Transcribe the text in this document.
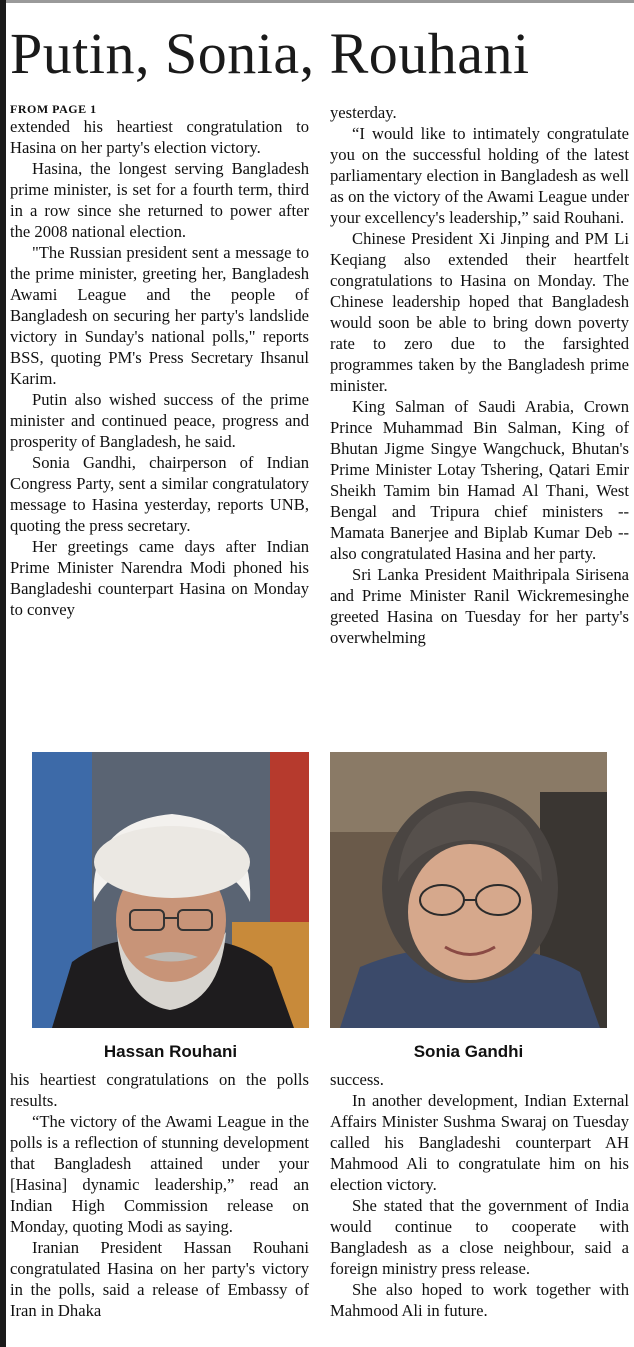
Putin, Sonia, Rouhani

FROM PAGE 1

extended his heartiest congratulation to Hasina on her party's election victory.

Hasina, the longest serving Bangladesh prime minister, is set for a fourth term, third in a row since she returned to power after the 2008 national election.

"The Russian president sent a message to the prime minister, greeting her, Bangladesh Awami League and the people of Bangladesh on securing her party's landslide victory in Sunday's national polls," reports BSS, quoting PM's Press Secretary Ihsanul Karim.

Putin also wished success of the prime minister and continued peace, progress and prosperity of Bangladesh, he said.

Sonia Gandhi, chairperson of Indian Congress Party, sent a similar congratulatory message to Hasina yesterday, reports UNB, quoting the press secretary.

Her greetings came days after Indian Prime Minister Narendra Modi phoned his Bangladeshi counterpart Hasina on Monday to convey

yesterday.

“I would like to intimately congratulate you on the successful holding of the latest parliamentary election in Bangladesh as well as on the victory of the Awami League under your excellency's leadership,” said Rouhani.

Chinese President Xi Jinping and PM Li Keqiang also extended their heartfelt congratulations to Hasina on Monday. The Chinese leadership hoped that Bangladesh would soon be able to bring down poverty rate to zero due to the farsighted programmes taken by the Bangladesh prime minister.

King Salman of Saudi Arabia, Crown Prince Muhammad Bin Salman, King of Bhutan Jigme Singye Wangchuck, Bhutan's Prime Minister Lotay Tshering, Qatari Emir Sheikh Tamim bin Hamad Al Thani, West Bengal and Tripura chief ministers -- Mamata Banerjee and Biplab Kumar Deb -- also congratulated Hasina and her party.

Sri Lanka President Maithripala Sirisena and Prime Minister Ranil Wickremesinghe greeted Hasina on Tuesday for her party's overwhelming

Hassan Rouhani	Sonia Gandhi

his heartiest congratulations on the polls results.

“The victory of the Awami League in the polls is a reflection of stunning development that Bangladesh attained under your [Hasina] dynamic leadership,” read an Indian High Commission release on Monday, quoting Modi as saying.

Iranian President Hassan Rouhani congratulated Hasina on her party's victory in the polls, said a release of Embassy of Iran in Dhaka

success.

In another development, Indian External Affairs Minister Sushma Swaraj on Tuesday called his Bangladeshi counterpart AH Mahmood Ali to congratulate him on his election victory.

She stated that the government of India would continue to cooperate with Bangladesh as a close neighbour, said a foreign ministry press release.

She also hoped to work together with Mahmood Ali in future.
